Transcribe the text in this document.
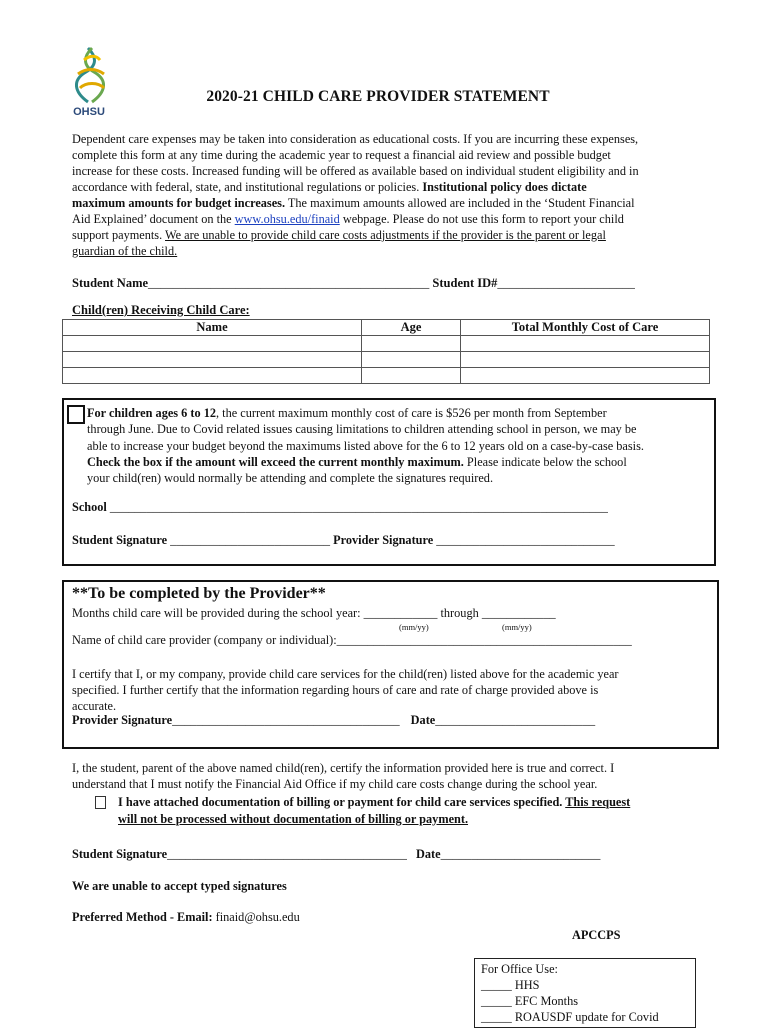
OHSU
2020-21 CHILD CARE PROVIDER STATEMENT
Dependent care expenses may be taken into consideration as educational costs. If you are incurring these expenses,
complete this form at any time during the academic year to request a financial aid review and possible budget
increase for these costs. Increased funding will be offered as available based on individual student eligibility and in
accordance with federal, state, and institutional regulations or policies. Institutional policy does dictate
maximum amounts for budget increases. The maximum amounts allowed are included in the ‘Student Financial
Aid Explained’ document on the www.ohsu.edu/finaid webpage. Please do not use this form to report your child
support payments. We are unable to provide child care costs adjustments if the provider is the parent or legal
guardian of the child.
Student Name_____________________________________________ Student ID#______________________
Child(ren) Receiving Child Care:
Name	Age	Total Monthly Cost of Care

For children ages 6 to 12, the current maximum monthly cost of care is $526 per month from September
through June. Due to Covid related issues causing limitations to children attending school in person, we may be
able to increase your budget beyond the maximums listed above for the 6 to 12 years old on a case-by-case basis.
Check the box if the amount will exceed the current monthly maximum. Please indicate below the school
your child(ren) would normally be attending and complete the signatures required.
School _________________________________________________________________________________
Student Signature __________________________ Provider Signature _____________________________
**To be completed by the Provider**
Months child care will be provided during the school year: ____________ through ____________
(mm/yy)	(mm/yy)
Name of child care provider (company or individual):________________________________________________
I certify that I, or my company, provide child care services for the child(ren) listed above for the academic year
specified. I further certify that the information regarding hours of care and rate of charge provided above is
accurate.
Provider Signature_____________________________________ Date__________________________
I, the student, parent of the above named child(ren), certify the information provided here is true and correct. I
understand that I must notify the Financial Aid Office if my child care costs change during the school year.
I have attached documentation of billing or payment for child care services specified. This request
will not be processed without documentation of billing or payment.
Student Signature_______________________________________ Date__________________________
We are unable to accept typed signatures
Preferred Method - Email: finaid@ohsu.edu
APCCPS
For Office Use:
_____ HHS
_____ EFC Months
_____ ROAUSDF update for Covid
